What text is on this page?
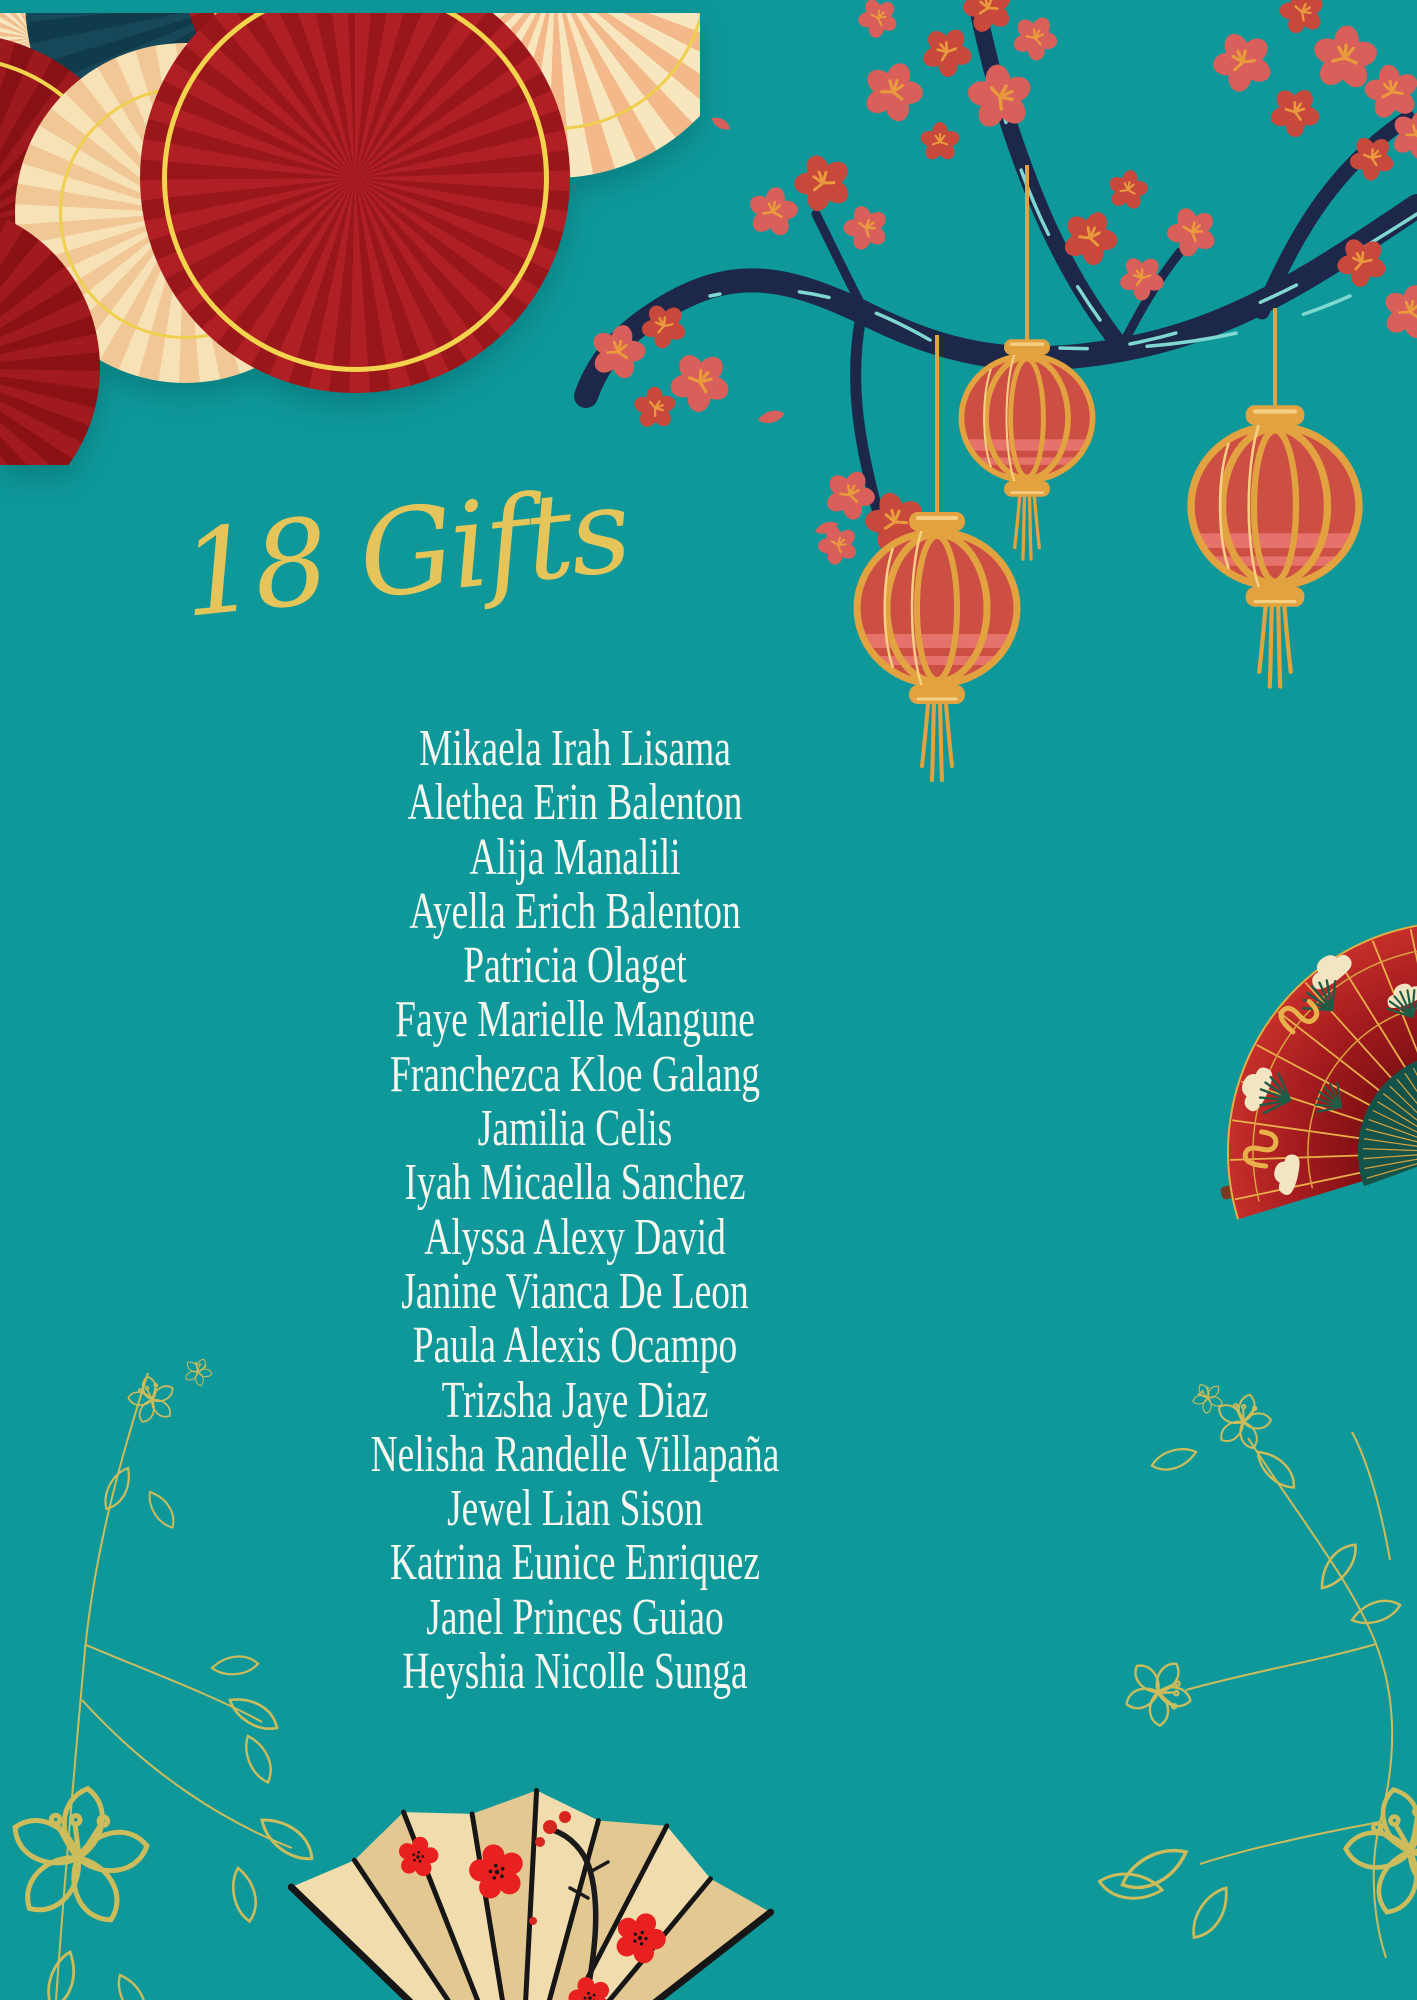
18 Gifts
Mikaela Irah Lisama
Alethea Erin Balenton
Alija Manalili
Ayella Erich Balenton
Patricia Olaget
Faye Marielle Mangune
Franchezca Kloe Galang
Jamilia Celis
Iyah Micaella Sanchez
Alyssa Alexy David
Janine Vianca De Leon
Paula Alexis Ocampo
Trizsha Jaye Diaz
Nelisha Randelle Villapaña
Jewel Lian Sison
Katrina Eunice Enriquez
Janel Princes Guiao
Heyshia Nicolle Sunga
